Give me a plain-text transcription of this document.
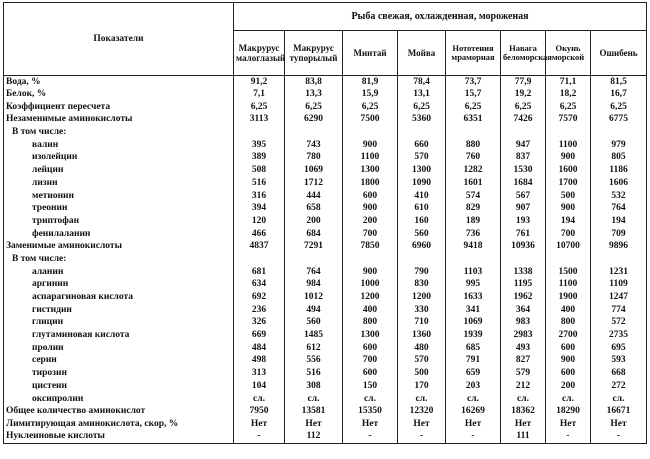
Показатели	Рыба свежая, охлажденная, мороженая							
	Макрурус малоглазый	Макрурус тупорылый	Минтай	Мойва	Нототения мраморная	Навага беломорская	Окунь морской	Ошибень
Вода, %	91,2	83,8	81,9	78,4	73,7	77,9	71,1	81,5
Белок, %	7,1	13,3	15,9	13,1	15,7	19,2	18,2	16,7
Коэффициент пересчета	6,25	6,25	6,25	6,25	6,25	6,25	6,25	6,25
Незаменимые аминокислоты	3113	6290	7500	5360	6351	7426	7570	6775
В том числе:								
валин	395	743	900	660	880	947	1100	979
изолейцин	389	780	1100	570	760	837	900	805
лейцин	508	1069	1300	1300	1282	1530	1600	1186
лизин	516	1712	1800	1090	1601	1684	1700	1606
метионин	316	444	600	410	574	567	500	532
треонин	394	658	900	610	829	907	900	764
триптофан	120	200	200	160	189	193	194	194
фенилаланин	466	684	700	560	736	761	700	709
Заменимые аминокислоты	4837	7291	7850	6960	9418	10936	10700	9896
В том числе:								
аланин	681	764	900	790	1103	1338	1500	1231
аргинин	634	984	1000	830	995	1195	1100	1109
аспарагиновая кислота	692	1012	1200	1200	1633	1962	1900	1247
гистидин	236	494	400	330	341	364	400	774
глицин	326	560	800	710	1069	983	800	572
глутаминовая кислота	669	1485	1300	1360	1939	2983	2700	2735
пролин	484	612	600	480	685	493	600	695
серин	498	556	700	570	791	827	900	593
тирозин	313	516	600	500	659	579	600	668
цистеин	104	308	150	170	203	212	200	272
оксипролин	сл.	сл.	сл.	сл.	сл.	сл.	сл.	сл.
Общее количество аминокислот	7950	13581	15350	12320	16269	18362	18290	16671
Лимитирующая аминокислота, скор, %	Нет	Нет	Нет	Нет	Нет	Нет	Нет	Нет
Нуклеиновые кислоты	-	112	-	-	-	111	-	-
